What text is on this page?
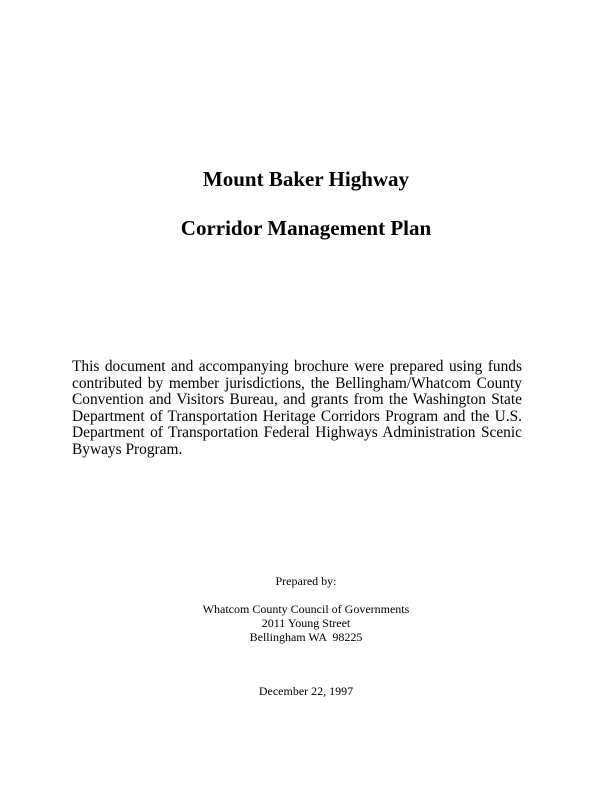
Mount Baker Highway
Corridor Management Plan

This document and accompanying brochure were prepared using funds contributed by member jurisdictions, the Bellingham/Whatcom County Convention and Visitors Bureau, and grants from the Washington State Department of Transportation Heritage Corridors Program and the U.S. Department of Transportation Federal Highways Administration Scenic Byways Program.

Prepared by:

Whatcom County Council of Governments

2011 Young Street

Bellingham WA  98225

December 22, 1997
